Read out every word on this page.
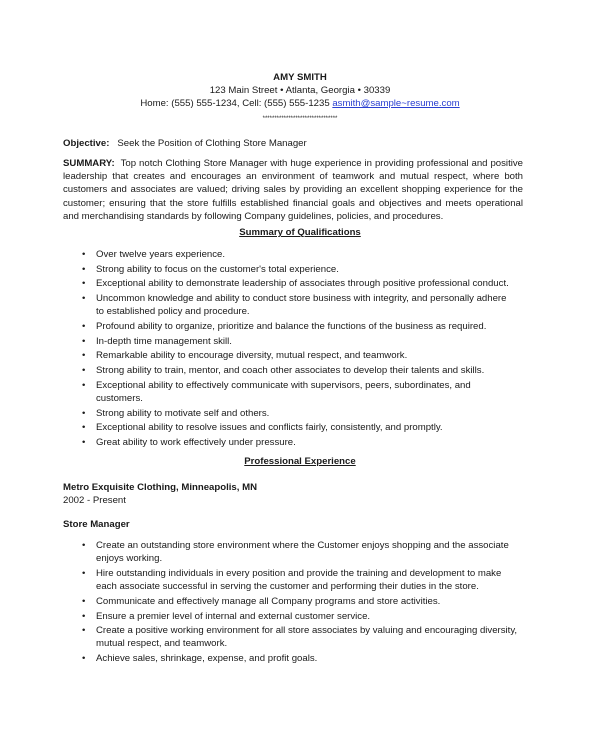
AMY SMITH
123 Main Street • Atlanta, Georgia • 30339
Home: (555) 555-1234, Cell: (555) 555-1235 asmith@sample~resume.com
********************************
Objective: Seek the Position of Clothing Store Manager
SUMMARY: Top notch Clothing Store Manager with huge experience in providing professional and positive leadership that creates and encourages an environment of teamwork and mutual respect, where both customers and associates are valued; driving sales by providing an excellent shopping experience for the customer; ensuring that the store fulfills established financial goals and objectives and meets operational and merchandising standards by following Company guidelines, policies, and procedures.
Summary of Qualifications
• Over twelve years experience.
• Strong ability to focus on the customer's total experience.
• Exceptional ability to demonstrate leadership of associates through positive professional conduct.
• Uncommon knowledge and ability to conduct store business with integrity, and personally adhere to established policy and procedure.
• Profound ability to organize, prioritize and balance the functions of the business as required.
• In-depth time management skill.
• Remarkable ability to encourage diversity, mutual respect, and teamwork.
• Strong ability to train, mentor, and coach other associates to develop their talents and skills.
• Exceptional ability to effectively communicate with supervisors, peers, subordinates, and customers.
• Strong ability to motivate self and others.
• Exceptional ability to resolve issues and conflicts fairly, consistently, and promptly.
• Great ability to work effectively under pressure.
Professional Experience
Metro Exquisite Clothing, Minneapolis, MN
2002 - Present
Store Manager
• Create an outstanding store environment where the Customer enjoys shopping and the associate enjoys working.
• Hire outstanding individuals in every position and provide the training and development to make each associate successful in serving the customer and performing their duties in the store.
• Communicate and effectively manage all Company programs and store activities.
• Ensure a premier level of internal and external customer service.
• Create a positive working environment for all store associates by valuing and encouraging diversity, mutual respect, and teamwork.
• Achieve sales, shrinkage, expense, and profit goals.
